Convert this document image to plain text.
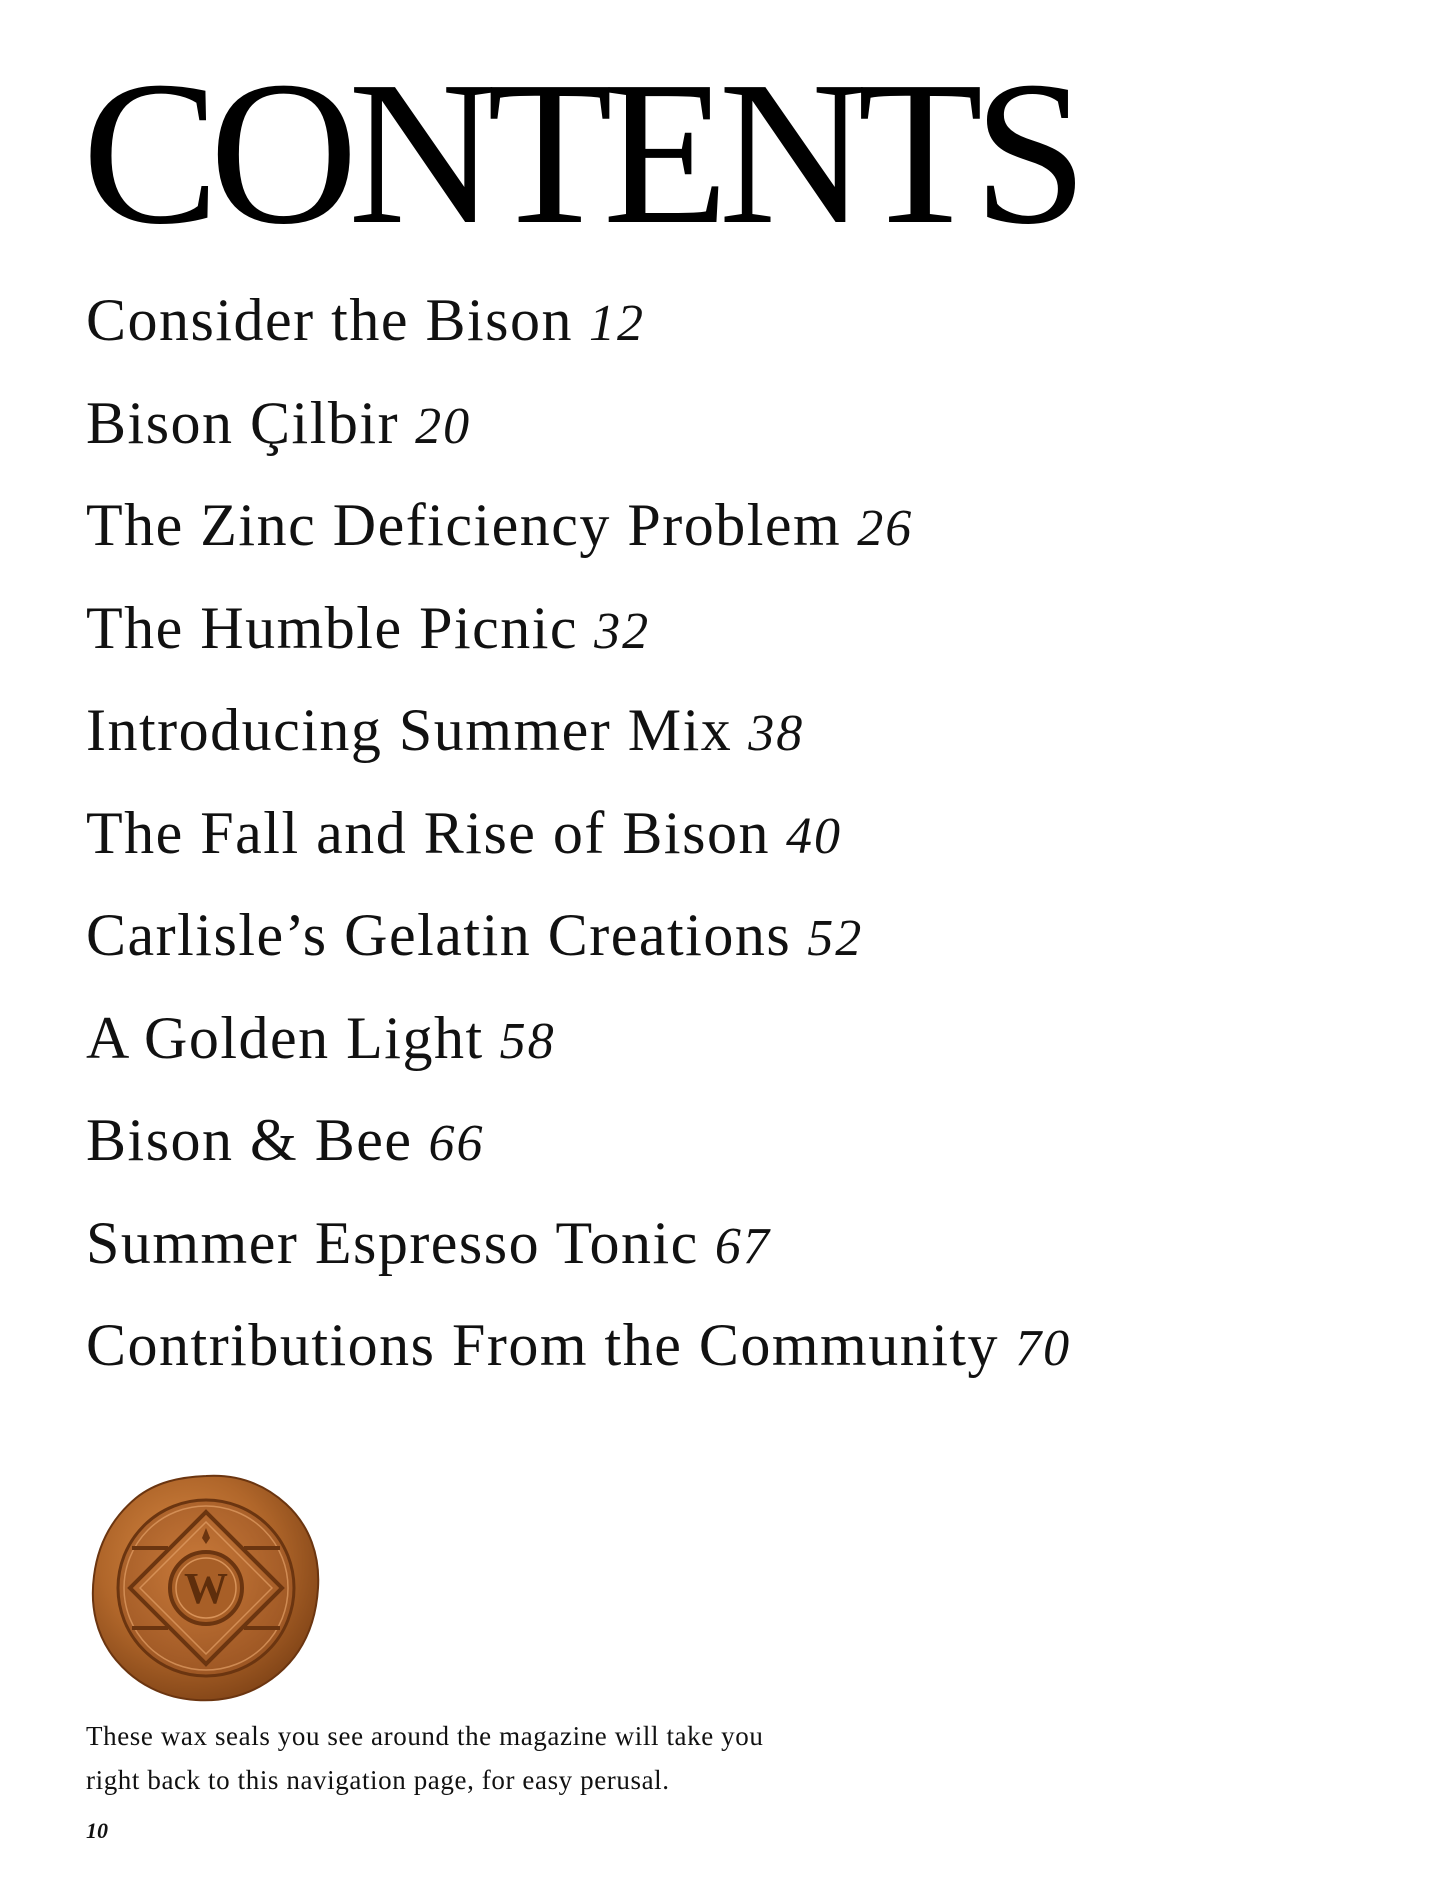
CONTENTS
Consider the Bison 12
Bison Çilbir 20
The Zinc Deficiency Problem 26
The Humble Picnic 32
Introducing Summer Mix 38
The Fall and Rise of Bison 40
Carlisle’s Gelatin Creations 52
A Golden Light 58
Bison & Bee 66
Summer Espresso Tonic 67
Contributions From the Community 70
W

These wax seals you see around the magazine will take you
right back to this navigation page, for easy perusal.

10
